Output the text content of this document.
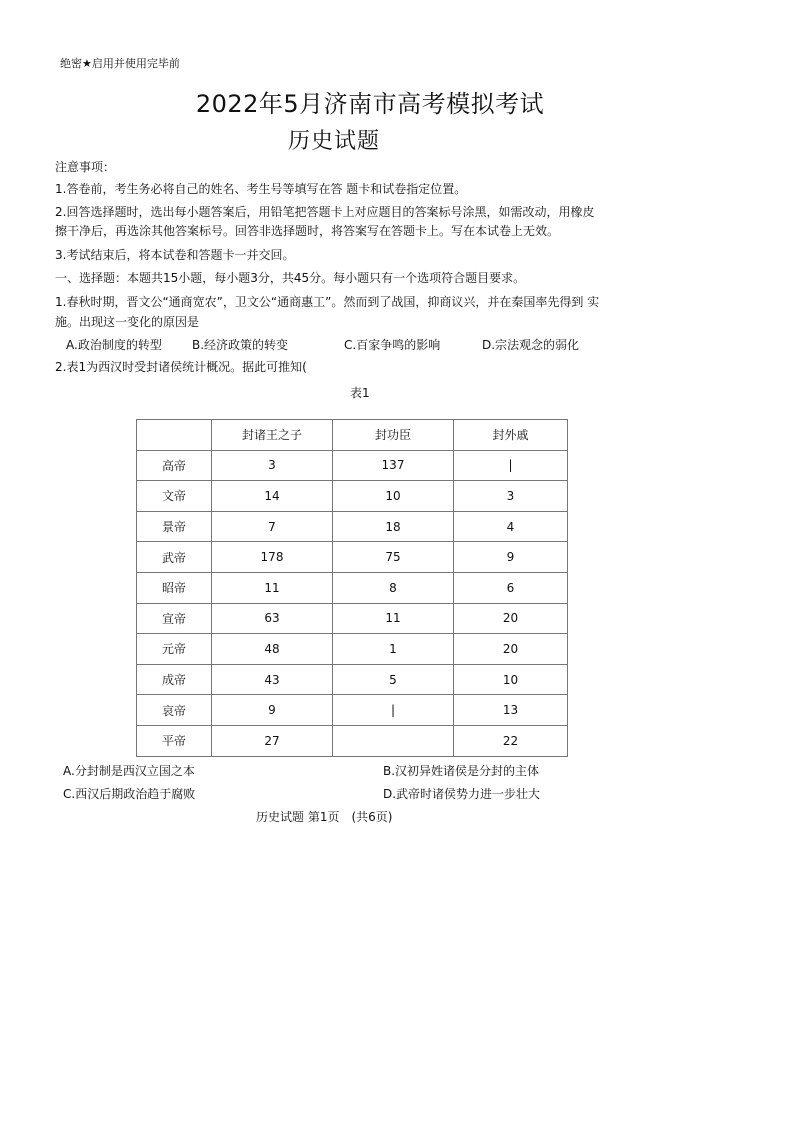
绝密★启用并使用完毕前
2022年5月济南市高考模拟考试
历史试题
注意事项：
1.答卷前，考生务必将自己的姓名、考生号等填写在答 题卡和试卷指定位置。
2.回答选择题时，选出每小题答案后，用铅笔把答题卡上对应题目的答案标号涂黑，如需改动，用橡皮
擦干净后，再选涂其他答案标号。回答非选择题时，将答案写在答题卡上。写在本试卷上无效。
3.考试结束后，将本试卷和答题卡一并交回。
一、选择题：本题共15小题，每小题3分，共45分。每小题只有一个选项符合题目要求。
1.春秋时期，晋文公“通商宽农”，卫文公“通商惠工”。然而到了战国，抑商议兴，并在秦国率先得到 实
施。出现这一变化的原因是
A.政治制度的转型	B.经济政策的转变	C.百家争鸣的影响	D.宗法观念的弱化
2.表1为西汉时受封诸侯统计概况。据此可推知(
表1
	封诸王之子	封功臣	封外戚
高帝	3	137	|
文帝	14	10	3
景帝	7	18	4
武帝	178	75	9
昭帝	11	8	6
宣帝	63	11	20
元帝	48	1	20
成帝	43	5	10
哀帝	9	|	13
平帝	27		22
A.分封制是西汉立国之本	B.汉初异姓诸侯是分封的主体
C.西汉后期政治趋于腐败	D.武帝时诸侯势力进一步壮大
历史试题 第1页　(共6页)
